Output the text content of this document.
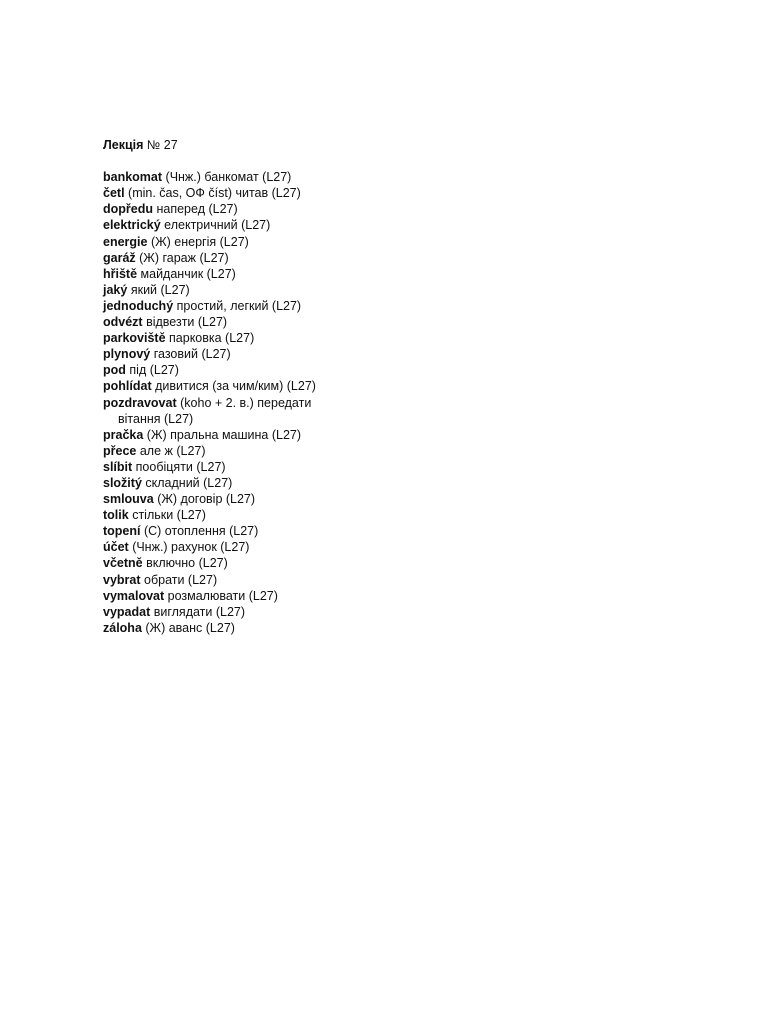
Лекція № 27

bankomat (Чнж.) банкомат (L27)
četl (min. čas, ОФ číst) читав (L27)
dopředu наперед (L27)
elektrický електричний (L27)
energie (Ж) енергія (L27)
garáž (Ж) гараж (L27)
hřiště майданчик (L27)
jaký який (L27)
jednoduchý простий, легкий (L27)
odvézt відвезти (L27)
parkoviště парковка (L27)
plynový газовий (L27)
pod під (L27)
pohlídat дивитися (за чим/ким) (L27)
pozdravovat (koho + 2. в.) передати
вітання (L27)
pračka (Ж) пральна машина (L27)
přece але ж (L27)
slíbit пообіцяти (L27)
složitý складний (L27)
smlouva (Ж) договір (L27)
tolik стільки (L27)
topení (С) отоплення (L27)
účet (Чнж.) рахунок (L27)
včetně включно (L27)
vybrat обрати (L27)
vymalovat розмалювати (L27)
vypadat виглядати (L27)
záloha (Ж) аванс (L27)
